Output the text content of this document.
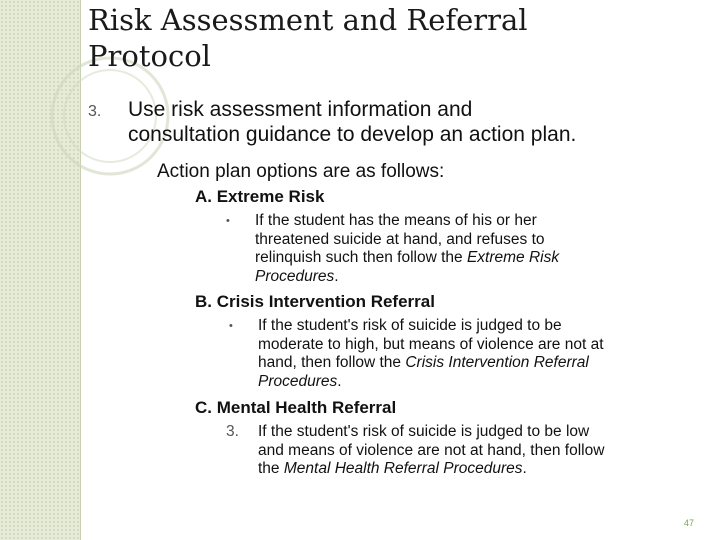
Risk Assessment and Referral
Protocol
3. Use risk assessment information and
consultation guidance to develop an action plan.
Action plan options are as follows:
A. Extreme Risk
• If the student has the means of his or her
threatened suicide at hand, and refuses to
relinquish such then follow the Extreme Risk
Procedures.
B. Crisis Intervention Referral
• If the student's risk of suicide is judged to be
moderate to high, but means of violence are not at
hand, then follow the Crisis Intervention Referral
Procedures.
C. Mental Health Referral
3. If the student's risk of suicide is judged to be low
and means of violence are not at hand, then follow
the Mental Health Referral Procedures.
47
